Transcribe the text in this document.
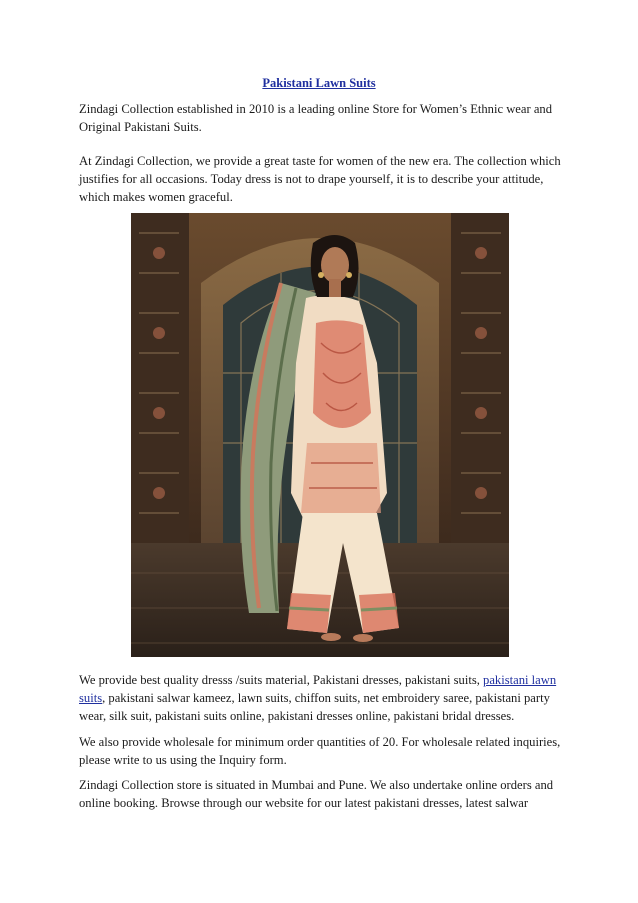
Pakistani Lawn Suits

Zindagi Collection established in 2010 is a leading online Store for Women’s Ethnic wear and Original Pakistani Suits.

At Zindagi Collection, we provide a great taste for women of the new era. The collection which justifies for all occasions. Today dress is not to drape yourself, it is to describe your attitude, which makes women graceful.

We provide best quality dresss /suits material, Pakistani dresses, pakistani suits, pakistani lawn suits, pakistani salwar kameez, lawn suits, chiffon suits, net embroidery saree, pakistani party wear, silk suit, pakistani suits online, pakistani dresses online, pakistani bridal dresses.

We also provide wholesale for minimum order quantities of 20. For wholesale related inquiries, please write to us using the Inquiry form.

Zindagi Collection store is situated in Mumbai and Pune. We also undertake online orders and online booking. Browse through our website for our latest pakistani dresses, latest salwar
